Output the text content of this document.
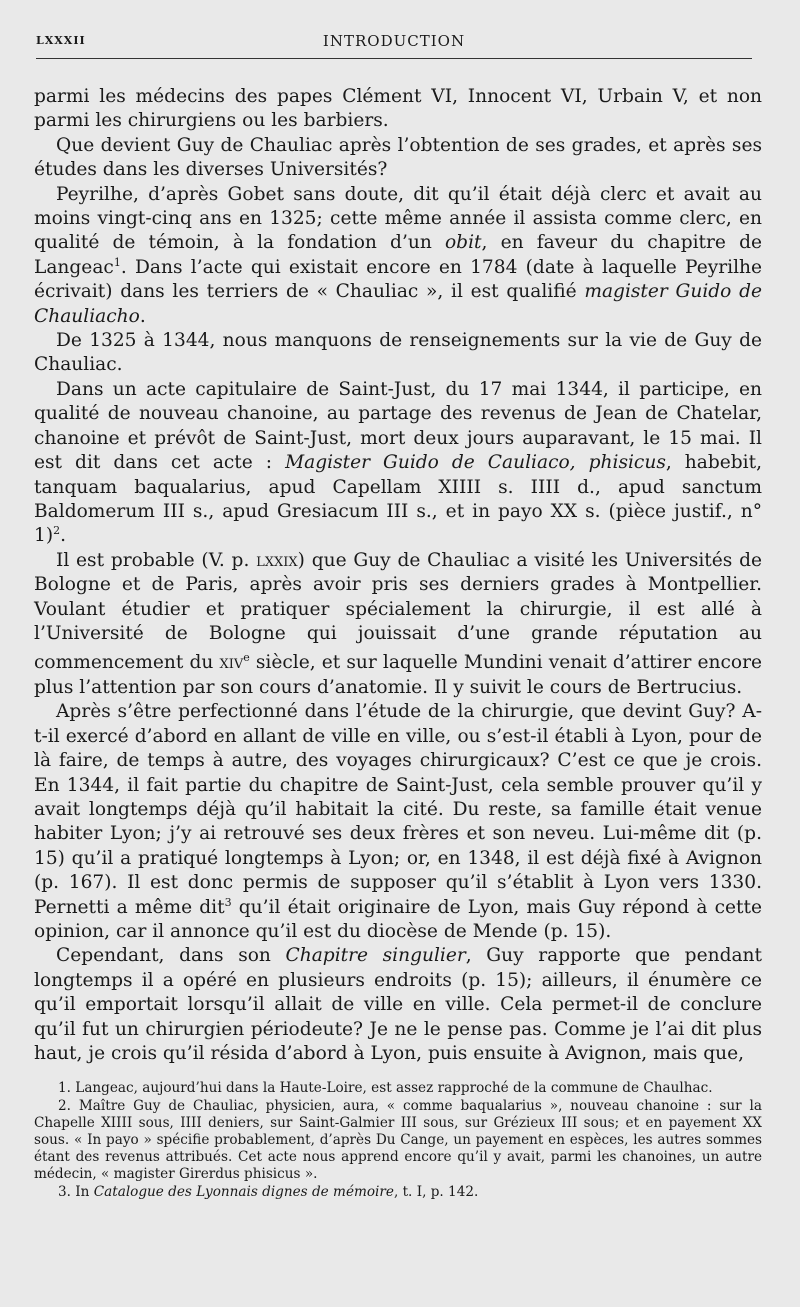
LXXXII	INTRODUCTION

parmi les médecins des papes Clément VI, Innocent VI, Urbain V, et non parmi les chirurgiens ou les barbiers.

Que devient Guy de Chauliac après l’obtention de ses grades, et après ses études dans les diverses Universités?

Peyrilhe, d’après Gobet sans doute, dit qu’il était déjà clerc et avait au moins vingt-cinq ans en 1325; cette même année il assista comme clerc, en qualité de témoin, à la fondation d’un obit, en faveur du chapitre de Langeac$^1$. Dans l’acte qui existait encore en 1784 (date à laquelle Peyrilhe écrivait) dans les terriers de « Chauliac », il est qualifié magister Guido de Chauliacho.

De 1325 à 1344, nous manquons de renseignements sur la vie de Guy de Chauliac.

Dans un acte capitulaire de Saint-Just, du 17 mai 1344, il participe, en qualité de nouveau chanoine, au partage des revenus de Jean de Chatelar, chanoine et prévôt de Saint-Just, mort deux jours auparavant, le 15 mai. Il est dit dans cet acte : Magister Guido de Cauliaco, phisicus, habebit, tanquam baqualarius, apud Capellam XIIII s. IIII d., apud sanctum Baldomerum III s., apud Gresiacum III s., et in payo XX s. (pièce justif., n° 1)$^2$.

Il est probable (V. p. lxxix) que Guy de Chauliac a visité les Universités de Bologne et de Paris, après avoir pris ses derniers grades à Montpellier. Voulant étudier et pratiquer spécialement la chirurgie, il est allé à l’Université de Bologne qui jouissait d’une grande réputation au commencement du xiv$^e$ siècle, et sur laquelle Mundini venait d’attirer encore plus l’attention par son cours d’anatomie. Il y suivit le cours de Bertrucius.

Après s’être perfectionné dans l’étude de la chirurgie, que devint Guy? A-t-il exercé d’abord en allant de ville en ville, ou s’est-il établi à Lyon, pour de là faire, de temps à autre, des voyages chirurgicaux? C’est ce que je crois. En 1344, il fait partie du chapitre de Saint-Just, cela semble prouver qu’il y avait longtemps déjà qu’il habitait la cité. Du reste, sa famille était venue habiter Lyon; j’y ai retrouvé ses deux frères et son neveu. Lui-même dit (p. 15) qu’il a pratiqué longtemps à Lyon; or, en 1348, il est déjà fixé à Avignon (p. 167). Il est donc permis de supposer qu’il s’établit à Lyon vers 1330. Pernetti a même dit$^3$ qu’il était originaire de Lyon, mais Guy répond à cette opinion, car il annonce qu’il est du diocèse de Mende (p. 15).

Cependant, dans son Chapitre singulier, Guy rapporte que pendant longtemps il a opéré en plusieurs endroits (p. 15); ailleurs, il énumère ce qu’il emportait lorsqu’il allait de ville en ville. Cela permet-il de conclure qu’il fut un chirurgien périodeute? Je ne le pense pas. Comme je l’ai dit plus haut, je crois qu’il résida d’abord à Lyon, puis ensuite à Avignon, mais que,

1. Langeac, aujourd’hui dans la Haute-Loire, est assez rapproché de la commune de Chaulhac.

2. Maître Guy de Chauliac, physicien, aura, « comme baqualarius », nouveau chanoine : sur la Chapelle XIIII sous, IIII deniers, sur Saint-Galmier III sous, sur Grézieux III sous; et en payement XX sous. « In payo » spécifie probablement, d’après Du Cange, un payement en espèces, les autres sommes étant des revenus attribués. Cet acte nous apprend encore qu’il y avait, parmi les chanoines, un autre médecin, « magister Girerdus phisicus ».

3. In Catalogue des Lyonnais dignes de mémoire, t. I, p. 142.
